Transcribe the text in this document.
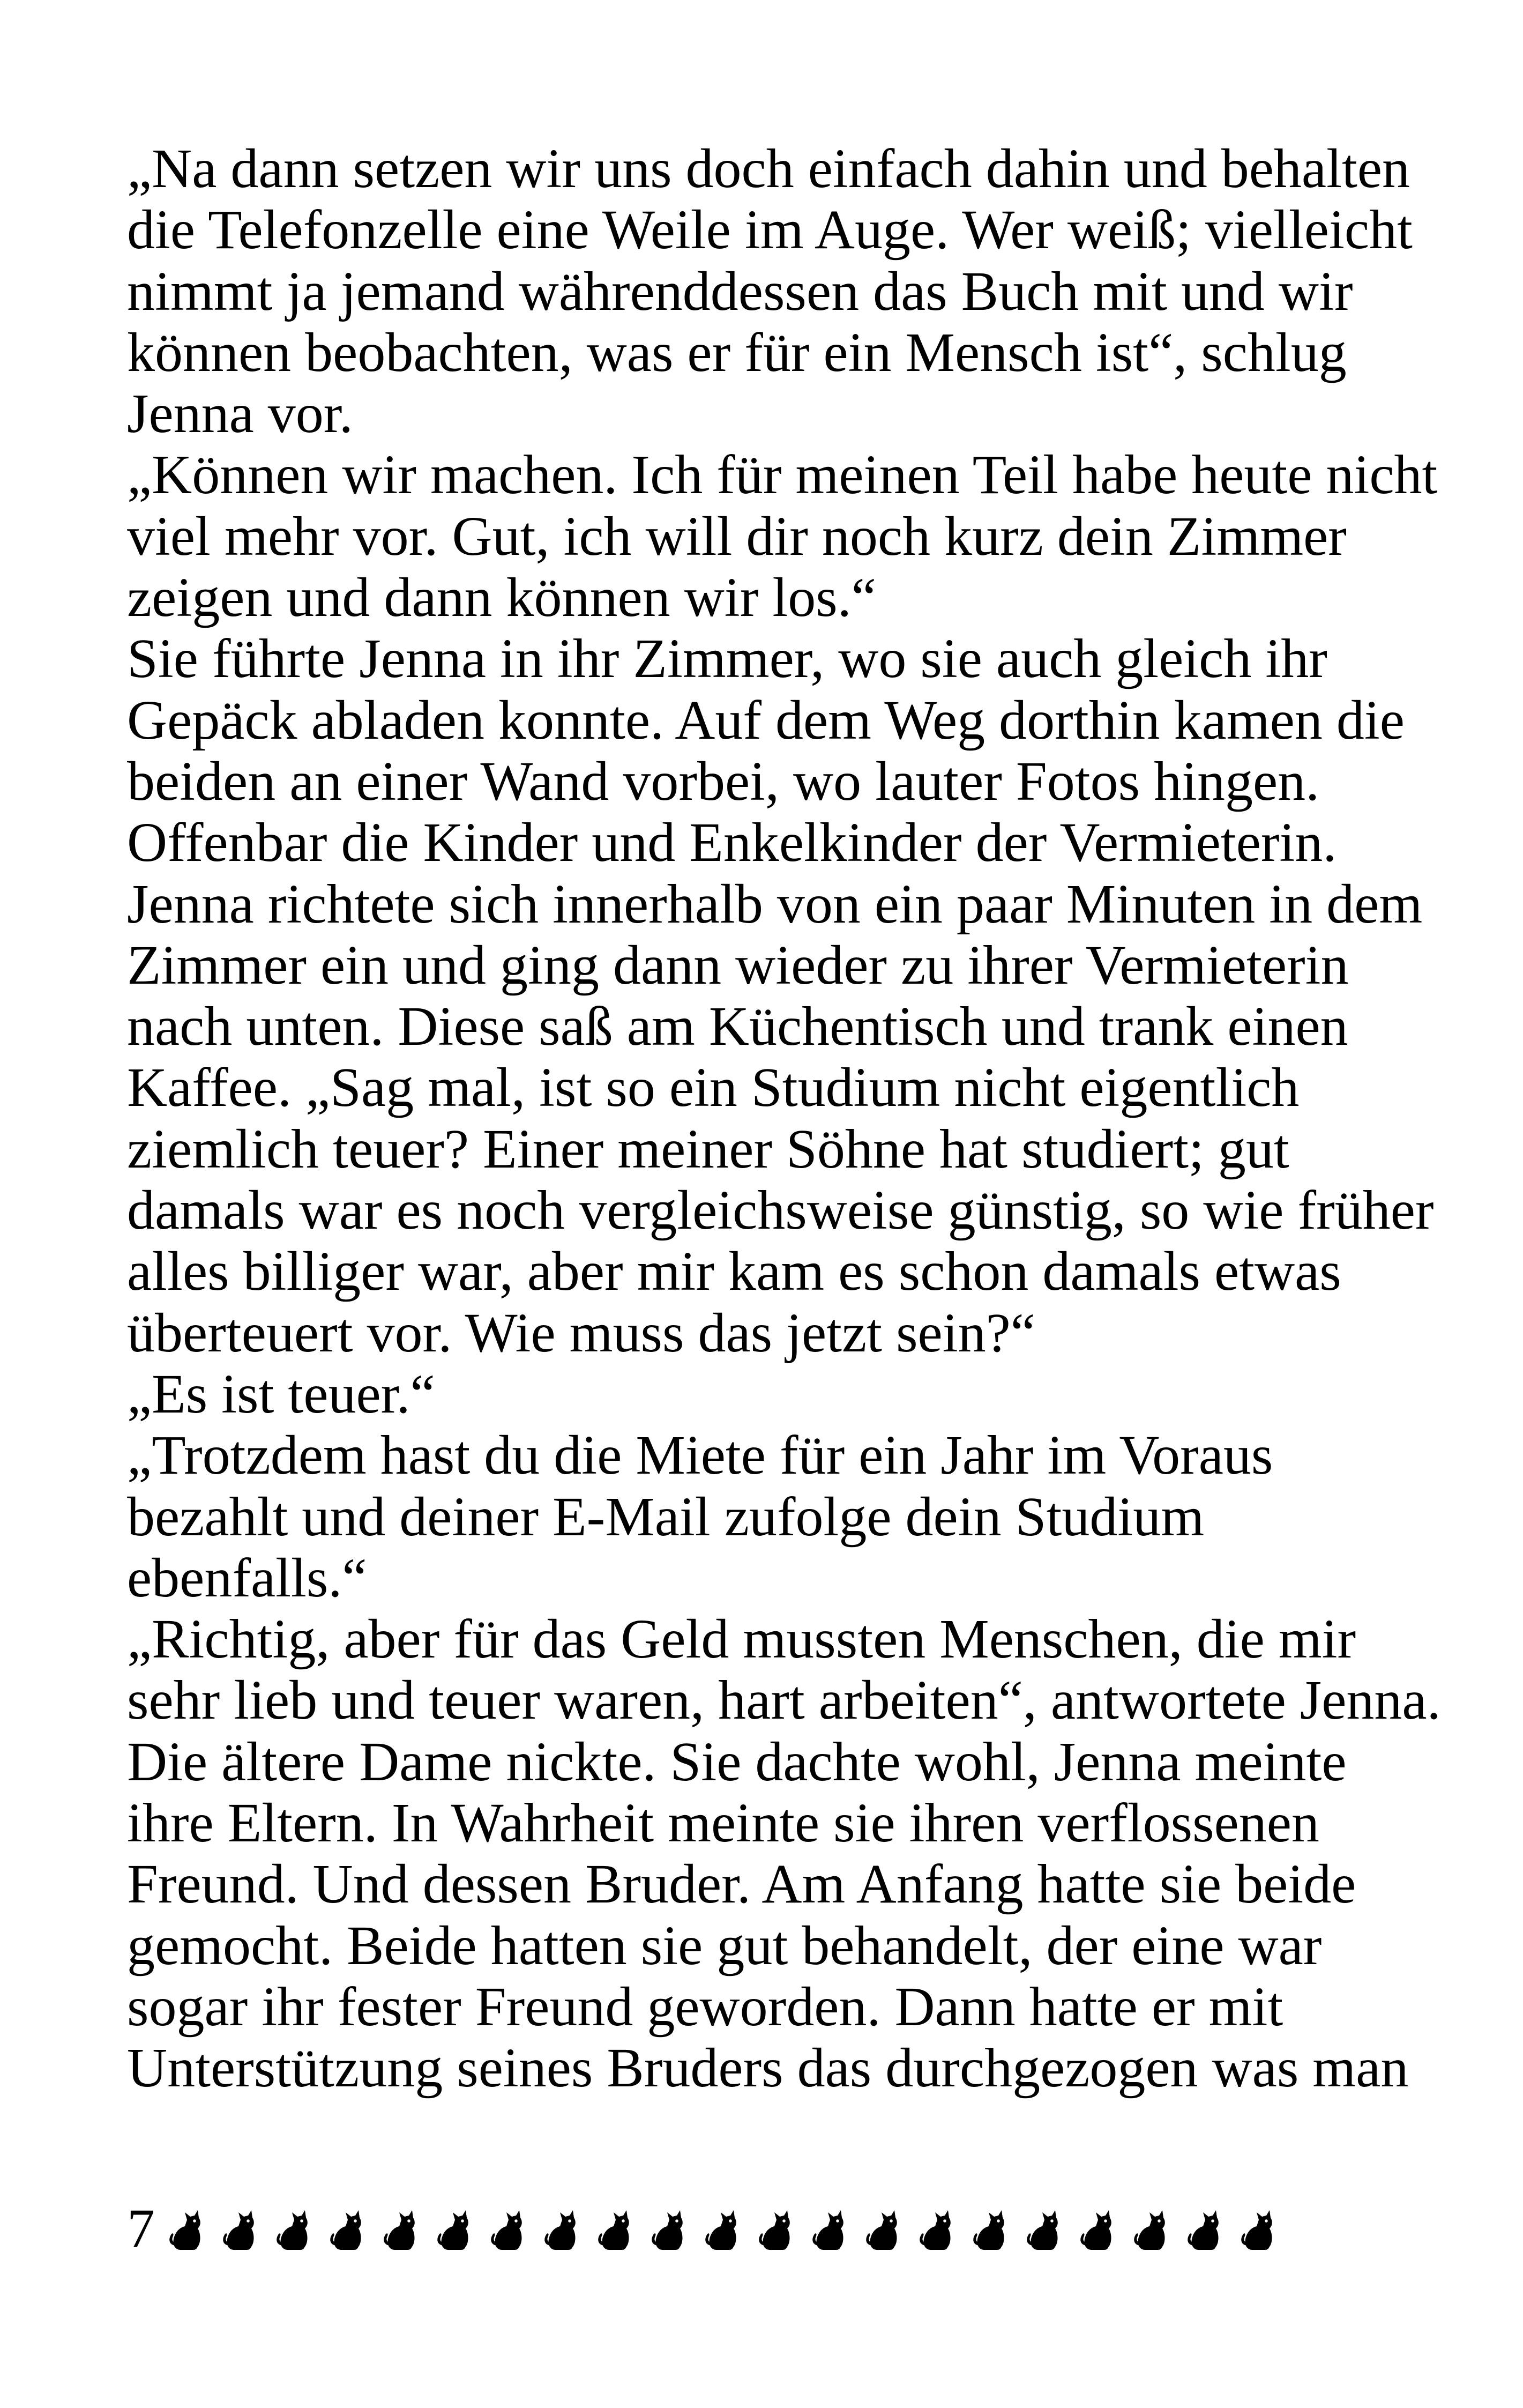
„Na dann setzen wir uns doch einfach dahin und behalten
die Telefonzelle eine Weile im Auge. Wer weiß; vielleicht
nimmt ja jemand währenddessen das Buch mit und wir
können beobachten, was er für ein Mensch ist“, schlug
Jenna vor.
„Können wir machen. Ich für meinen Teil habe heute nicht
viel mehr vor. Gut, ich will dir noch kurz dein Zimmer
zeigen und dann können wir los.“
Sie führte Jenna in ihr Zimmer, wo sie auch gleich ihr
Gepäck abladen konnte. Auf dem Weg dorthin kamen die
beiden an einer Wand vorbei, wo lauter Fotos hingen.
Offenbar die Kinder und Enkelkinder der Vermieterin.
Jenna richtete sich innerhalb von ein paar Minuten in dem
Zimmer ein und ging dann wieder zu ihrer Vermieterin
nach unten. Diese saß am Küchentisch und trank einen
Kaffee. „Sag mal, ist so ein Studium nicht eigentlich
ziemlich teuer? Einer meiner Söhne hat studiert; gut
damals war es noch vergleichsweise günstig, so wie früher
alles billiger war, aber mir kam es schon damals etwas
überteuert vor. Wie muss das jetzt sein?“
„Es ist teuer.“
„Trotzdem hast du die Miete für ein Jahr im Voraus
bezahlt und deiner E-Mail zufolge dein Studium
ebenfalls.“
„Richtig, aber für das Geld mussten Menschen, die mir
sehr lieb und teuer waren, hart arbeiten“, antwortete Jenna.
Die ältere Dame nickte. Sie dachte wohl, Jenna meinte
ihre Eltern. In Wahrheit meinte sie ihren verflossenen
Freund. Und dessen Bruder. Am Anfang hatte sie beide
gemocht. Beide hatten sie gut behandelt, der eine war
sogar ihr fester Freund geworden. Dann hatte er mit
Unterstützung seines Bruders das durchgezogen was man
7
